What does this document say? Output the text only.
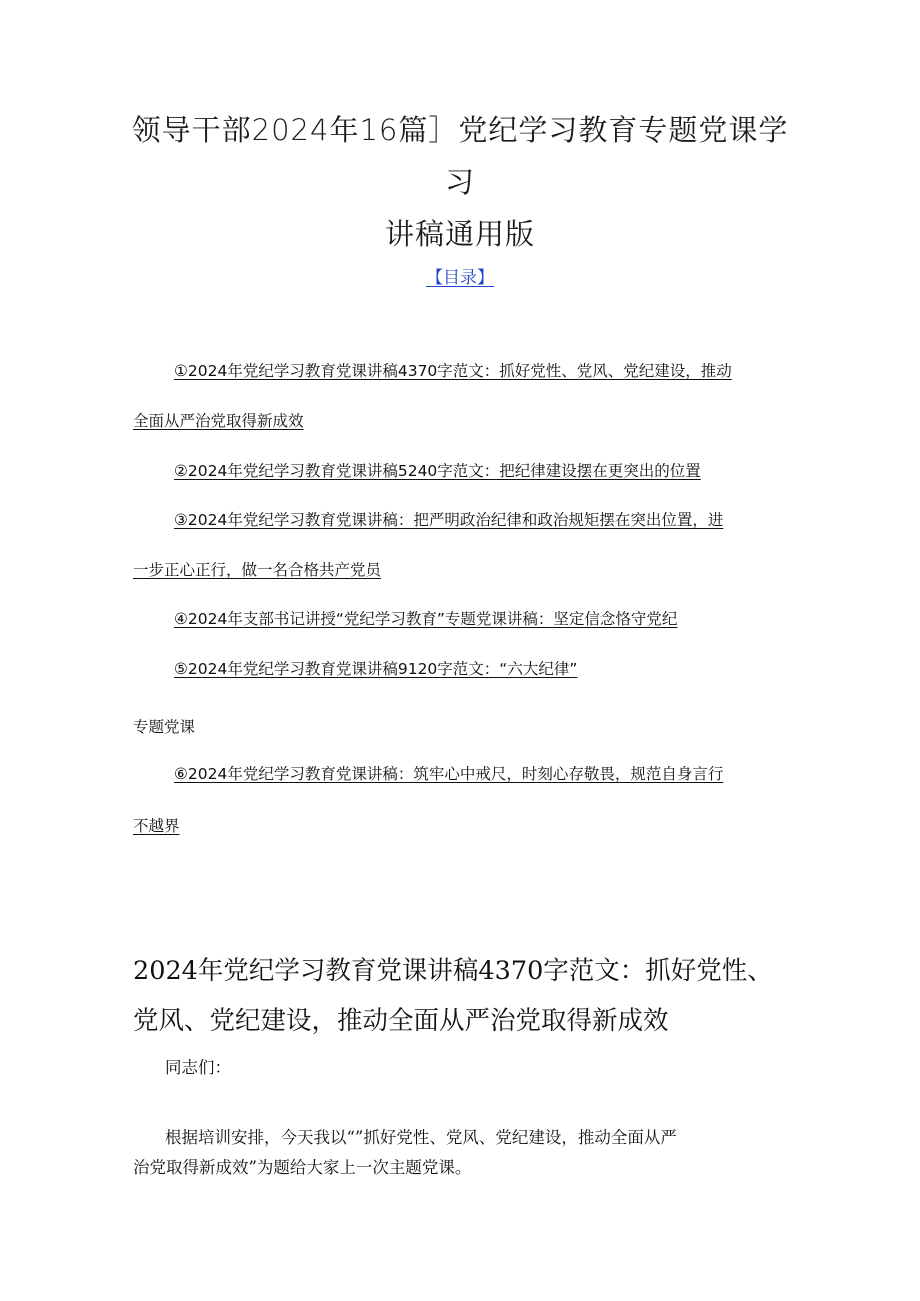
领导干部2024年16篇］党纪学习教育专题党课学习
讲稿通用版
【目录】
①2024年党纪学习教育党课讲稿4370字范文：抓好党性、党风、党纪建设，推动
全面从严治党取得新成效
②2024年党纪学习教育党课讲稿5240字范文：把纪律建设摆在更突出的位置
③2024年党纪学习教育党课讲稿：把严明政治纪律和政治规矩摆在突出位置，进
一步正心正行，做一名合格共产党员
④2024年支部书记讲授“党纪学习教育”专题党课讲稿：坚定信念恪守党纪
⑤2024年党纪学习教育党课讲稿9120字范文：“六大纪律”
专题党课
⑥2024年党纪学习教育党课讲稿：筑牢心中戒尺，时刻心存敬畏，规范自身言行
不越界
2024年党纪学习教育党课讲稿4370字范文：抓好党性、
党风、党纪建设，推动全面从严治党取得新成效
同志们：
根据培训安排，今天我以“”抓好党性、党风、党纪建设，推动全面从严
治党取得新成效”为题给大家上一次主题党课。
